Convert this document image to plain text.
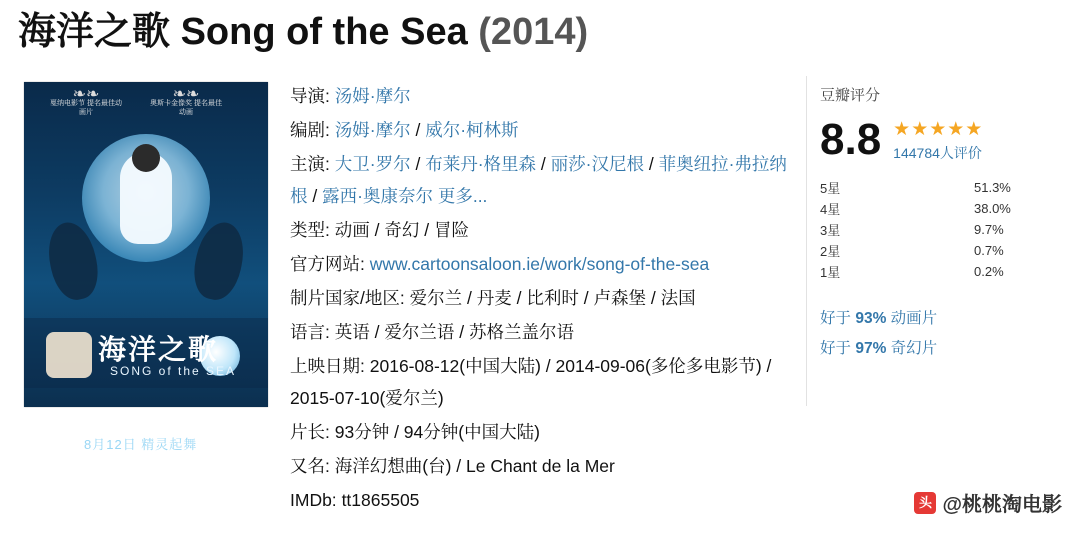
海洋之歌 Song of the Sea (2014)
❧❧
戛纳电影节 提名最佳动画片
❧❧
奥斯卡金像奖 提名最佳动画
海洋之歌
SONG of the SEA
8月12日 精灵起舞
导演: 汤姆·摩尔
编剧: 汤姆·摩尔 / 威尔·柯林斯
主演: 大卫·罗尔 / 布莱丹·格里森 / 丽莎·汉尼根 / 菲奥纽拉·弗拉纳根 / 露西·奥康奈尔 更多...
类型: 动画 / 奇幻 / 冒险
官方网站: www.cartoonsaloon.ie/work/song-of-the-sea
制片国家/地区: 爱尔兰 / 丹麦 / 比利时 / 卢森堡 / 法国
语言: 英语 / 爱尔兰语 / 苏格兰盖尔语
上映日期: 2016-08-12(中国大陆) / 2014-09-06(多伦多电影节) / 2015-07-10(爱尔兰)
片长: 93分钟 / 94分钟(中国大陆)
又名: 海洋幻想曲(台) / Le Chant de la Mer
IMDb: tt1865505
豆瓣评分
8.8 ★★★★★
144784人评价
5星	51.3%
4星	38.0%
3星	9.7%
2星	0.7%
1星	0.2%
好于 93% 动画片
好于 97% 奇幻片
头条
@桃桃淘电影
